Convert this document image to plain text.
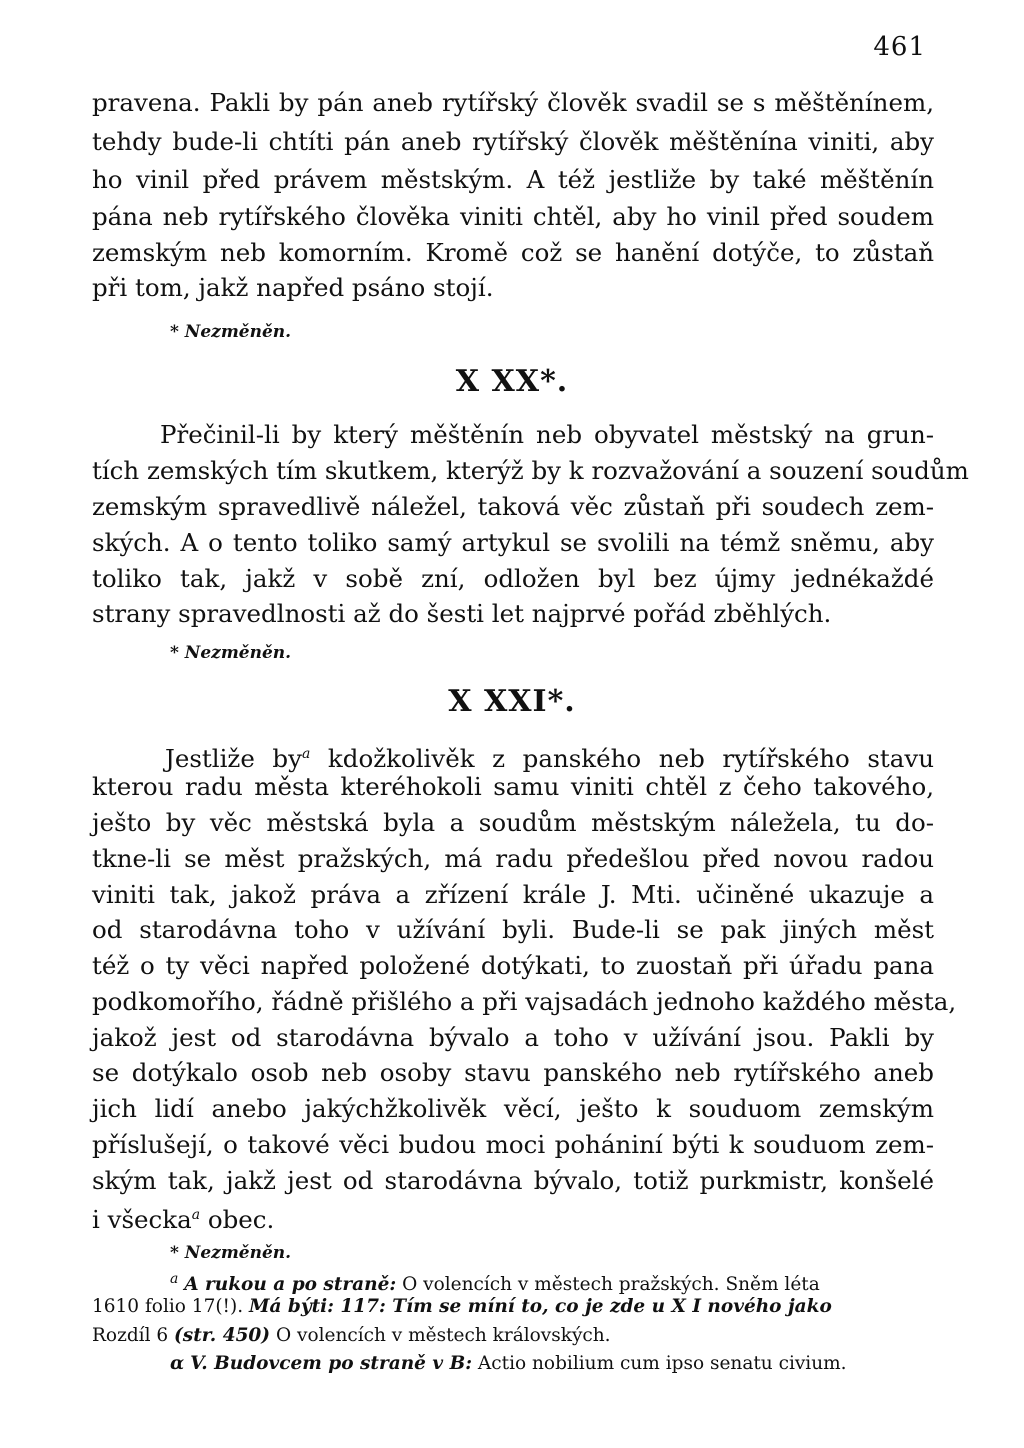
461
pravena. Pakli by pán aneb rytířský člověk svadil se s měštěnínem,
tehdy bude-li chtíti pán aneb rytířský člověk měštěnína viniti, aby
ho vinil před právem městským. A též jestliže by také měštěnín
pána neb rytířského člověka viniti chtěl, aby ho vinil před soudem
zemským neb komorním. Kromě což se hanění dotýče, to zůstaň
při tom, jakž napřed psáno stojí.
* Nezměněn.
X XX*.
Přečinil-li by který měštěnín neb obyvatel městský na grun-
tích zemských tím skutkem, kterýž by k rozvažování a souzení soudům
zemským spravedlivě náležel, taková věc zůstaň při soudech zem-
ských. A o tento toliko samý artykul se svolili na témž sněmu, aby
toliko tak, jakž v sobě zní, odložen byl bez újmy jednékaždé
strany spravedlnosti až do šesti let najprvé pořád zběhlých.
* Nezměněn.
X XXI*.
Jestliže $by^a$ kdožkolivěk z panského neb rytířského stavu
kterou radu města kteréhokoli samu viniti chtěl z čeho takového,
ješto by věc městská byla a soudům městským náležela, tu do-
tkne-li se měst pražských, má radu předešlou před novou radou
viniti tak, jakož práva a zřízení krále J. Mti. učiněné ukazuje a
od starodávna toho v užívání byli. Bude-li se pak jiných měst
též o ty věci napřed položené dotýkati, to zuostaň při úřadu pana
podkomořího, řádně přišlého a při vajsadách jednoho každého města,
jakož jest od starodávna bývalo a toho v užívání jsou. Pakli by
se dotýkalo osob neb osoby stavu panského neb rytířského aneb
jich lidí anebo jakýchžkolivěk věcí, ješto k souduom zemským
příslušejí, o takové věci budou moci pohániní býti k souduom zem-
ským tak, jakž jest od starodávna bývalo, totiž purkmistr, konšelé
i všecka$^a$ obec.
* Nezměněn.
$^a$ A rukou a po straně: O volencích v městech pražských. Sněm léta
1610 folio 17(!). Má býti: 117: Tím se míní to, co je zde u X I nového jako
Rozdíl 6 (str. 450) O volencích v městech královských.
α V. Budovcem po straně v B: Actio nobilium cum ipso senatu civium.
